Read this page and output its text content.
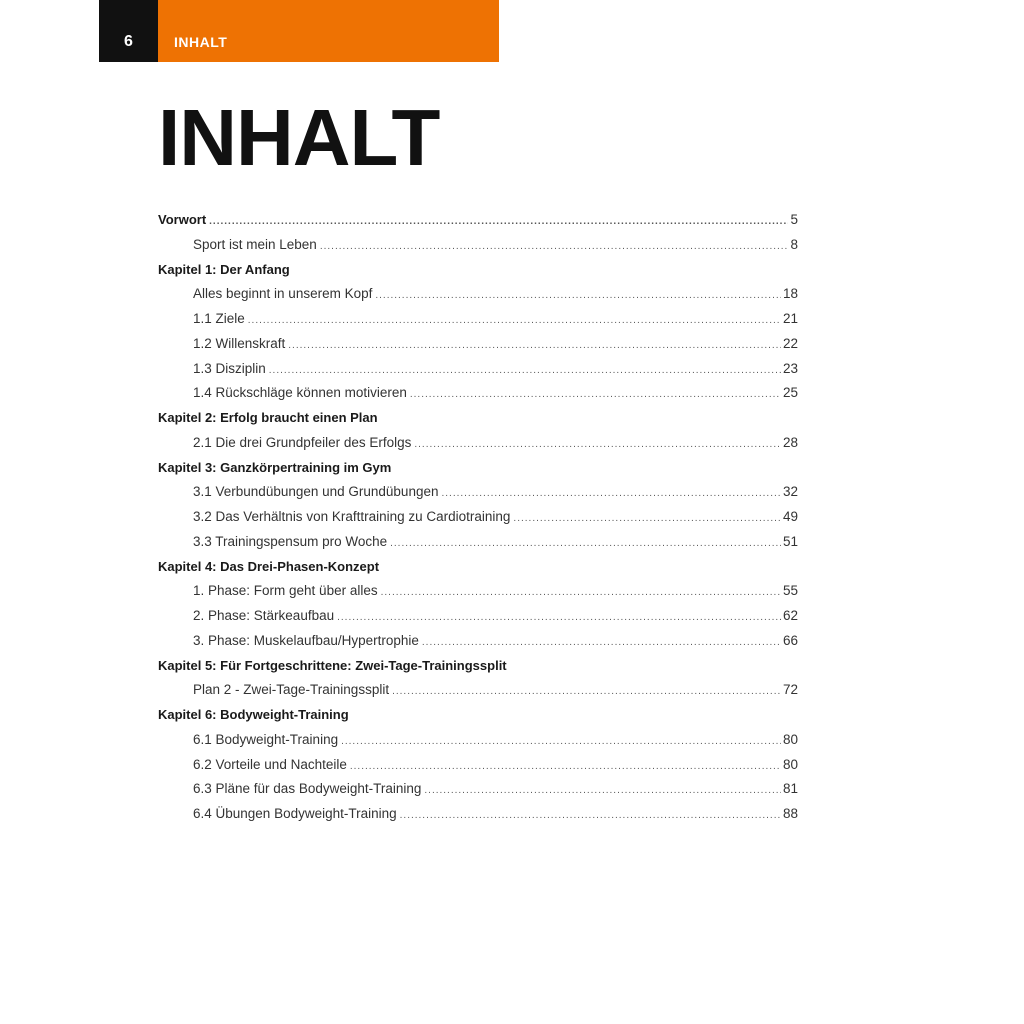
6	INHALT
INHALT
Vorwort .....	5
Sport ist mein Leben .....	8
Kapitel 1: Der Anfang
Alles beginnt in unserem Kopf .....	18
1.1 Ziele .....	21
1.2 Willenskraft .....	22
1.3 Disziplin .....	23
1.4 Rückschläge können motivieren .....	25
Kapitel 2: Erfolg braucht einen Plan
2.1 Die drei Grundpfeiler des Erfolgs .....	28
Kapitel 3: Ganzkörpertraining im Gym
3.1 Verbundübungen und Grundübungen .....	32
3.2 Das Verhältnis von Krafttraining zu Cardiotraining .....	49
3.3 Trainingspensum pro Woche .....	51
Kapitel 4: Das Drei-Phasen-Konzept
1. Phase: Form geht über alles .....	55
2. Phase: Stärkeaufbau .....	62
3. Phase: Muskelaufbau/Hypertrophie .....	66
Kapitel 5: Für Fortgeschrittene: Zwei-Tage-Trainingssplit
Plan 2 - Zwei-Tage-Trainingssplit .....	72
Kapitel 6: Bodyweight-Training
6.1 Bodyweight-Training .....	80
6.2 Vorteile und Nachteile .....	80
6.3 Pläne für das Bodyweight-Training .....	81
6.4 Übungen Bodyweight-Training .....	88
